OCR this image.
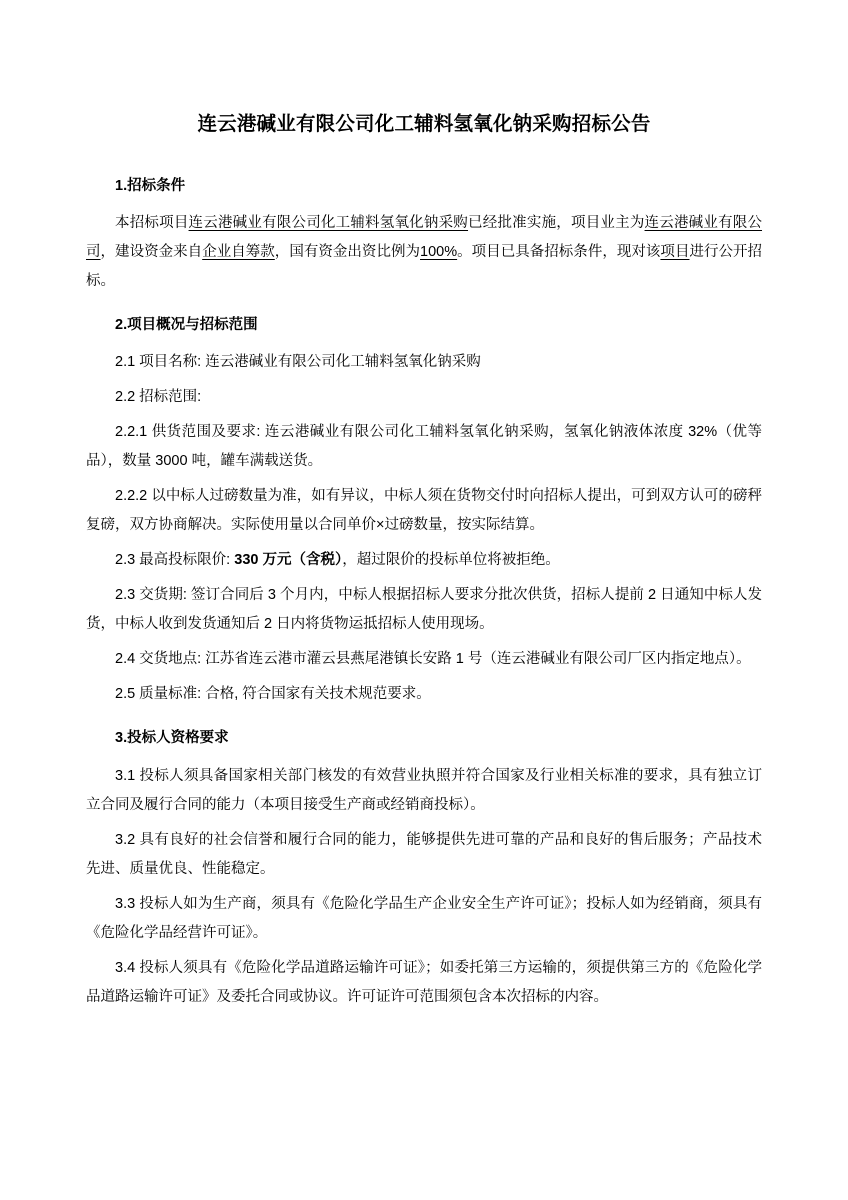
连云港碱业有限公司化工辅料氢氧化钠采购招标公告
1.招标条件

本招标项目连云港碱业有限公司化工辅料氢氧化钠采购已经批准实施，项目业主为连云港碱业有限公司，建设资金来自企业自筹款，国有资金出资比例为100%。项目已具备招标条件，现对该项目进行公开招标。

2.项目概况与招标范围

2.1 项目名称: 连云港碱业有限公司化工辅料氢氧化钠采购

2.2 招标范围:

2.2.1 供货范围及要求: 连云港碱业有限公司化工辅料氢氧化钠采购，氢氧化钠液体浓度 32%（优等品），数量 3000 吨，罐车满载送货。

2.2.2 以中标人过磅数量为准，如有异议，中标人须在货物交付时向招标人提出，可到双方认可的磅秤复磅，双方协商解决。实际使用量以合同单价×过磅数量，按实际结算。

2.3 最高投标限价: 330 万元（含税），超过限价的投标单位将被拒绝。

2.3 交货期: 签订合同后 3 个月内，中标人根据招标人要求分批次供货，招标人提前 2 日通知中标人发货，中标人收到发货通知后 2 日内将货物运抵招标人使用现场。

2.4 交货地点: 江苏省连云港市灌云县燕尾港镇长安路 1 号（连云港碱业有限公司厂区内指定地点）。

2.5 质量标准: 合格, 符合国家有关技术规范要求。

3.投标人资格要求

3.1 投标人须具备国家相关部门核发的有效营业执照并符合国家及行业相关标准的要求，具有独立订立合同及履行合同的能力（本项目接受生产商或经销商投标）。

3.2 具有良好的社会信誉和履行合同的能力，能够提供先进可靠的产品和良好的售后服务；产品技术先进、质量优良、性能稳定。

3.3 投标人如为生产商，须具有《危险化学品生产企业安全生产许可证》；投标人如为经销商，须具有《危险化学品经营许可证》。

3.4 投标人须具有《危险化学品道路运输许可证》；如委托第三方运输的，须提供第三方的《危险化学品道路运输许可证》及委托合同或协议。许可证许可范围须包含本次招标的内容。
